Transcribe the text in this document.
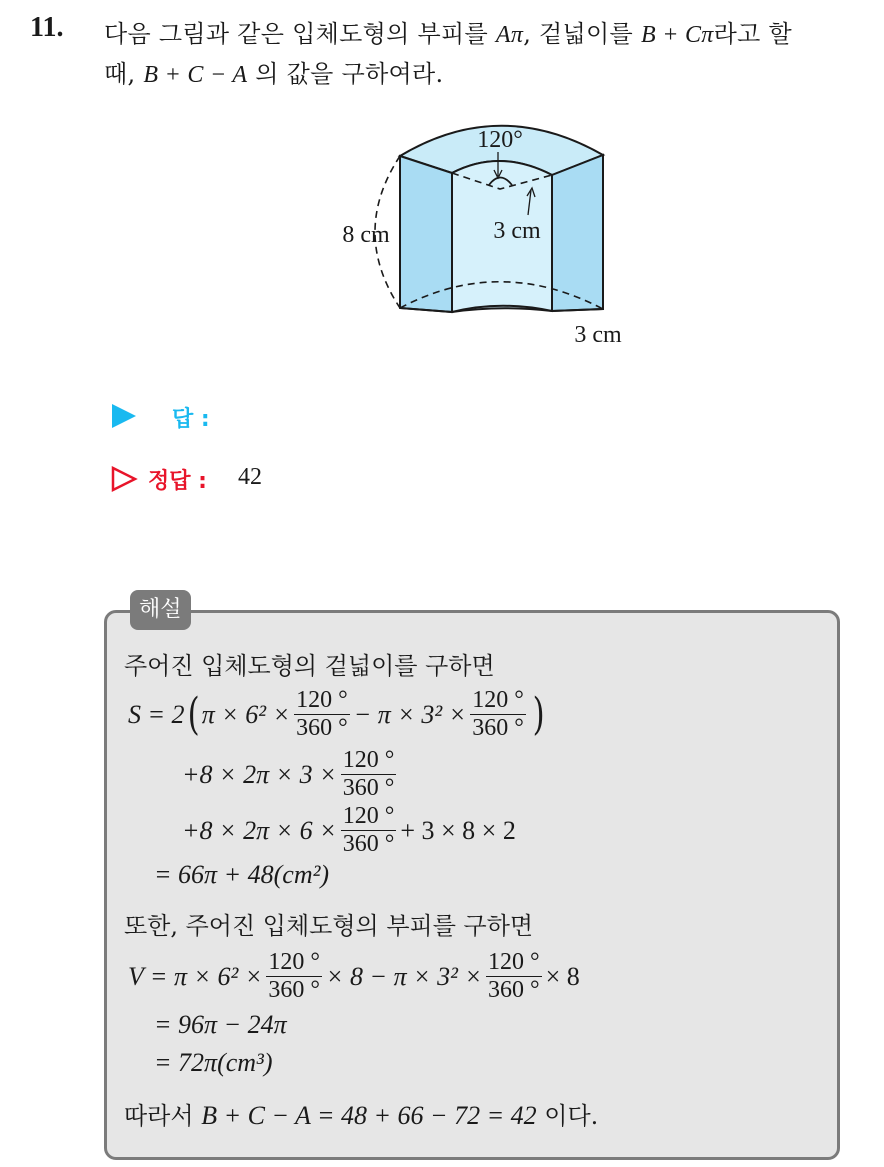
11. 다음 그림과 같은 입체도형의 부피를 Aπ, 겉넓이를 B + Cπ라고 할
때, B + C − A 의 값을 구하여라.
120°
8 cm	3 cm
3 cm
답 :
정답 : 42
해설
주어진 입체도형의 겉넓이를 구하면
S = 2 ( $\pi \times 6^2 \times \frac{120 ^\circ}{360 ^\circ} - \pi \times 3^2 \times \frac{120 ^\circ}{360 ^\circ}$ )
$+8 \times 2\pi \times 3 \times \frac{120 ^\circ}{360 ^\circ}$
$+8 \times 2\pi \times 6 \times \frac{120 ^\circ}{360 ^\circ} + 3 \times 8 \times 2$
= 66π + 48(cm²)
또한, 주어진 입체도형의 부피를 구하면
$V = \pi \times 6^2 \times \frac{120 ^\circ}{360 ^\circ} \times 8 - \pi \times 3^2 \times \frac{120 ^\circ}{360 ^\circ} \times 8$
= 96π − 24π
= 72π(cm³)
따라서 B + C − A = 48 + 66 − 72 = 42 이다.
